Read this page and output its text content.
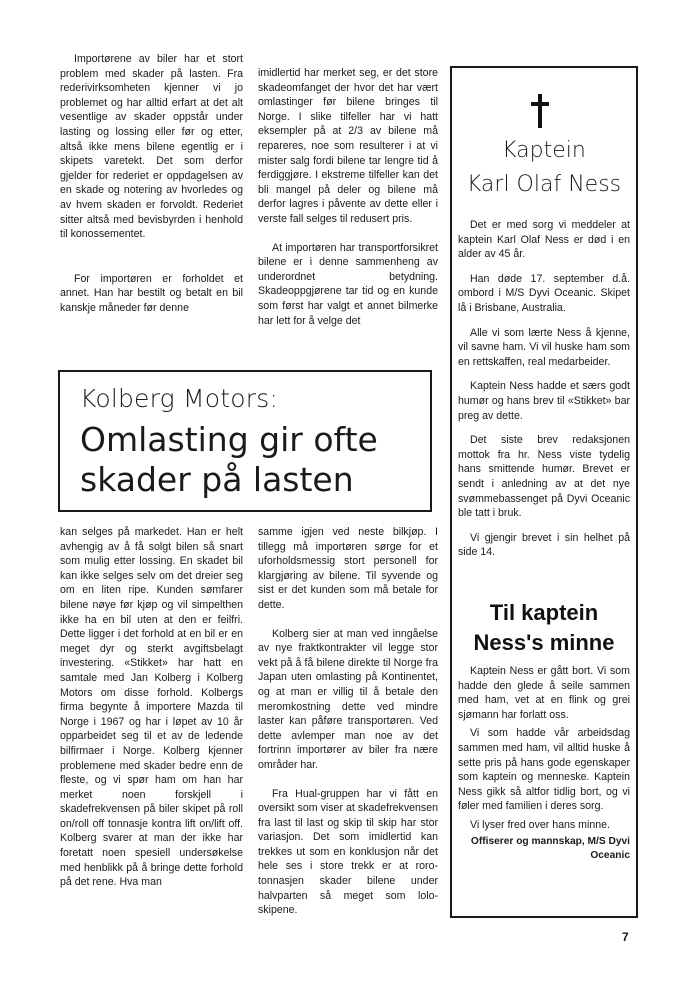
Importørene av biler har et stort problem med skader på lasten. Fra rederivirksomheten kjenner vi jo problemet og har alltid erfart at det alt vesentlige av skader oppstår under lasting og lossing eller før og etter, altså ikke mens bilene egentlig er i skipets varetekt. Det som derfor gjelder for rederiet er oppdagelsen av en skade og notering av hvorledes og av hvem skaden er forvoldt. Rederiet sitter altså med bevisbyrden i henhold til konossementet.

For importøren er forholdet et annet. Han har bestilt og betalt en bil kanskje måneder før denne

imidlertid har merket seg, er det store skadeomfanget der hvor det har vært omlastinger før bilene bringes til Norge. I slike tilfeller har vi hatt eksempler på at 2/3 av bilene må repareres, noe som resulterer i at vi mister salg fordi bilene tar lengre tid å ferdiggjøre. I ekstreme tilfeller kan det bli mangel på deler og bilene må derfor lagres i påvente av dette eller i verste fall selges til redusert pris.

At importøren har transportforsikret bilene er i denne sammenheng av underordnet betydning. Skadeoppgjørene tar tid og en kunde som først har valgt et annet bilmerke har lett for å velge det

Kolberg Motors:
Omlasting gir ofte skader på lasten

kan selges på markedet. Han er helt avhengig av å få solgt bilen så snart som mulig etter lossing. En skadet bil kan ikke selges selv om det dreier seg om en liten ripe. Kunden sømfarer bilene nøye før kjøp og vil simpelthen ikke ha en bil uten at den er feilfri. Dette ligger i det forhold at en bil er en meget dyr og sterkt avgiftsbelagt investering. «Stikket» har hatt en samtale med Jan Kolberg i Kolberg Motors om disse forhold. Kolbergs firma begynte å importere Mazda til Norge i 1967 og har i løpet av 10 år opparbeidet seg til et av de ledende bilfirmaer i Norge. Kolberg kjenner problemene med skader bedre enn de fleste, og vi spør ham om han har merket noen forskjell i skadefrekvensen på biler skipet på roll on/roll off tonnasje kontra lift on/lift off. Kolberg svarer at man der ikke har foretatt noen spesiell undersøkelse med henblikk på å bringe dette forhold på det rene. Hva man

samme igjen ved neste bilkjøp. I tillegg må importøren sørge for et uforholdsmessig stort personell for klargjøring av bilene. Til syvende og sist er det kunden som må betale for dette.

Kolberg sier at man ved inngåelse av nye fraktkontrakter vil legge stor vekt på å få bilene direkte til Norge fra Japan uten omlasting på Kontinentet, og at man er villig til å betale den meromkostning dette ved mindre laster kan påføre transportøren. Ved dette avlemper man noe av det fortrinn importører av biler fra nære områder har.

Fra Hual-gruppen har vi fått en oversikt som viser at skadefrekvensen fra last til last og skip til skip har stor variasjon. Det som imidlertid kan trekkes ut som en konklusjon når det hele ses i store trekk er at roro-tonnasjen skader bilene under halvparten så meget som lolo-skipene.

Kaptein
Karl Olaf Ness

Det er med sorg vi meddeler at kaptein Karl Olaf Ness er død i en alder av 45 år.

Han døde 17. september d.å. ombord i M/S Dyvi Oceanic. Skipet lå i Brisbane, Australia.

Alle vi som lærte Ness å kjenne, vil savne ham. Vi vil huske ham som en rettskaffen, real medarbeider.

Kaptein Ness hadde et særs godt humør og hans brev til «Stikket» bar preg av dette.

Det siste brev redaksjonen mottok fra hr. Ness viste tydelig hans smittende humør. Brevet er sendt i anledning av at det nye svømmebassenget på Dyvi Oceanic ble tatt i bruk.

Vi gjengir brevet i sin helhet på side 14.

Til kaptein Ness's minne

Kaptein Ness er gått bort. Vi som hadde den glede å seile sammen med ham, vet at en flink og grei sjømann har forlatt oss.

Vi som hadde vår arbeidsdag sammen med ham, vil alltid huske å sette pris på hans gode egenskaper som kaptein og menneske. Kaptein Ness gikk så altfor tidlig bort, og vi føler med familien i deres sorg.

Vi lyser fred over hans minne.

Offiserer og mannskap, M/S Dyvi Oceanic
7
